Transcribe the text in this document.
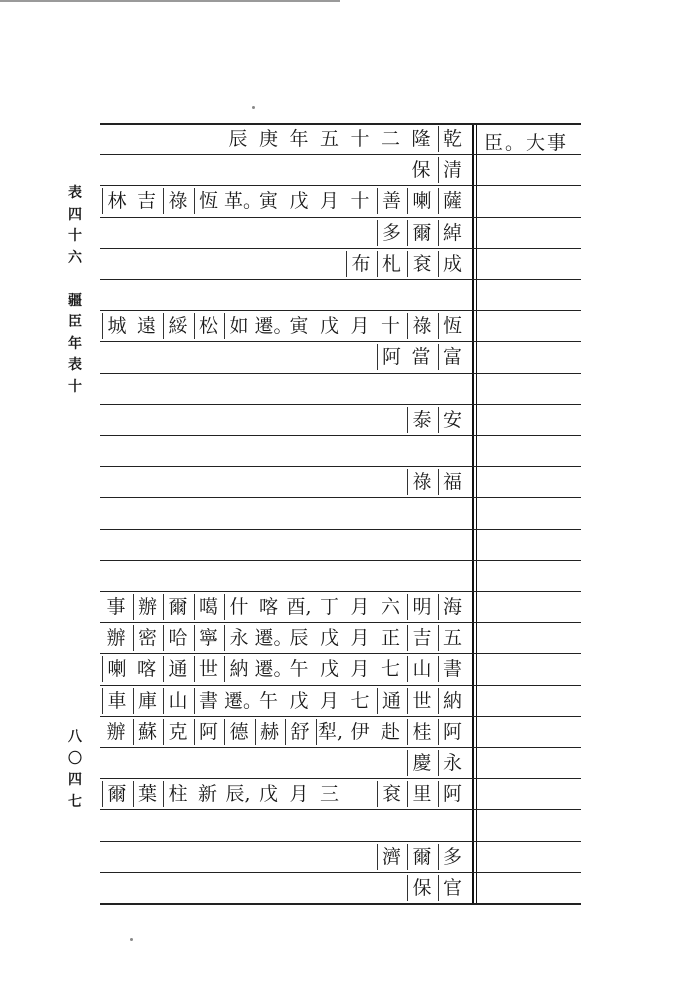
表
四
十
六
疆
臣
年
表
十
八
〇
四
七
臣。大事
辰 庚 年 五 十 二 隆 乾
保 清
林 吉 祿 恆 革。
寅 戊 月 十 善 喇 薩
多 爾 綽
布 札 袞 成
城 遠 綏 松 如 遷。
寅 戊 月 十 祿 恆
阿 當 富
泰 安
祿 福
事 辦 爾 噶 什 喀 酉, 丁 月 六 明 海
辦 密 哈 寧 永 遷。
辰 戊 月 正 吉 五
喇 喀 通 世 納 遷。
午 戊 月 七 山 書
車 庫 山 書 遷。
午 戊 月 七 通 世 納
辦 蘇 克 阿 德 赫 舒 犁, 伊 赴 桂 阿
慶 永
爾 葉 柱 新 辰, 戊 月 三 袞 里 阿
濟 爾 多
保 官
